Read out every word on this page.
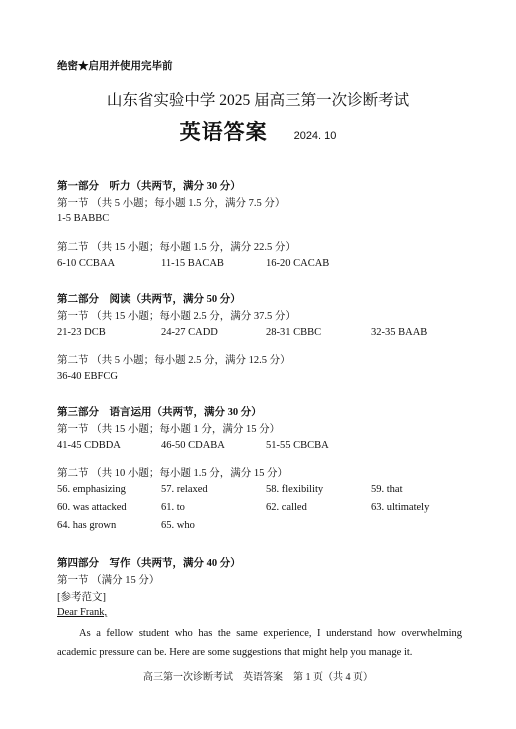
绝密★启用并使用完毕前
山东省实验中学 2025 届高三第一次诊断考试
英语答案 2024. 10
第一部分　听力（共两节，满分 30 分）
第一节 （共 5 小题；每小题 1.5 分，满分 7.5 分）
1-5 BABBC
第二节 （共 15 小题；每小题 1.5 分，满分 22.5 分）
6-10 CCBAA	11-15 BACAB	16-20 CACAB
第二部分　阅读（共两节，满分 50 分）
第一节 （共 15 小题；每小题 2.5 分，满分 37.5 分）
21-23 DCB	24-27 CADD	28-31 CBBC	32-35 BAAB
第二节 （共 5 小题；每小题 2.5 分，满分 12.5 分）
36-40 EBFCG
第三部分　语言运用（共两节，满分 30 分）
第一节 （共 15 小题；每小题 1 分，满分 15 分）
41-45 CDBDA	46-50 CDABA	51-55 CBCBA
第二节 （共 10 小题；每小题 1.5 分，满分 15 分）
56. emphasizing	57. relaxed	58. flexibility	59. that
60. was attacked	61. to	62. called	63. ultimately
64. has grown	65. who
第四部分　写作（共两节，满分 40 分）
第一节 （满分 15 分）
[参考范文]
Dear Frank,
As a fellow student who has the same experience, I understand how overwhelming academic pressure can be. Here are some suggestions that might help you manage it.
高三第一次诊断考试　英语答案　第 1 页（共 4 页）
